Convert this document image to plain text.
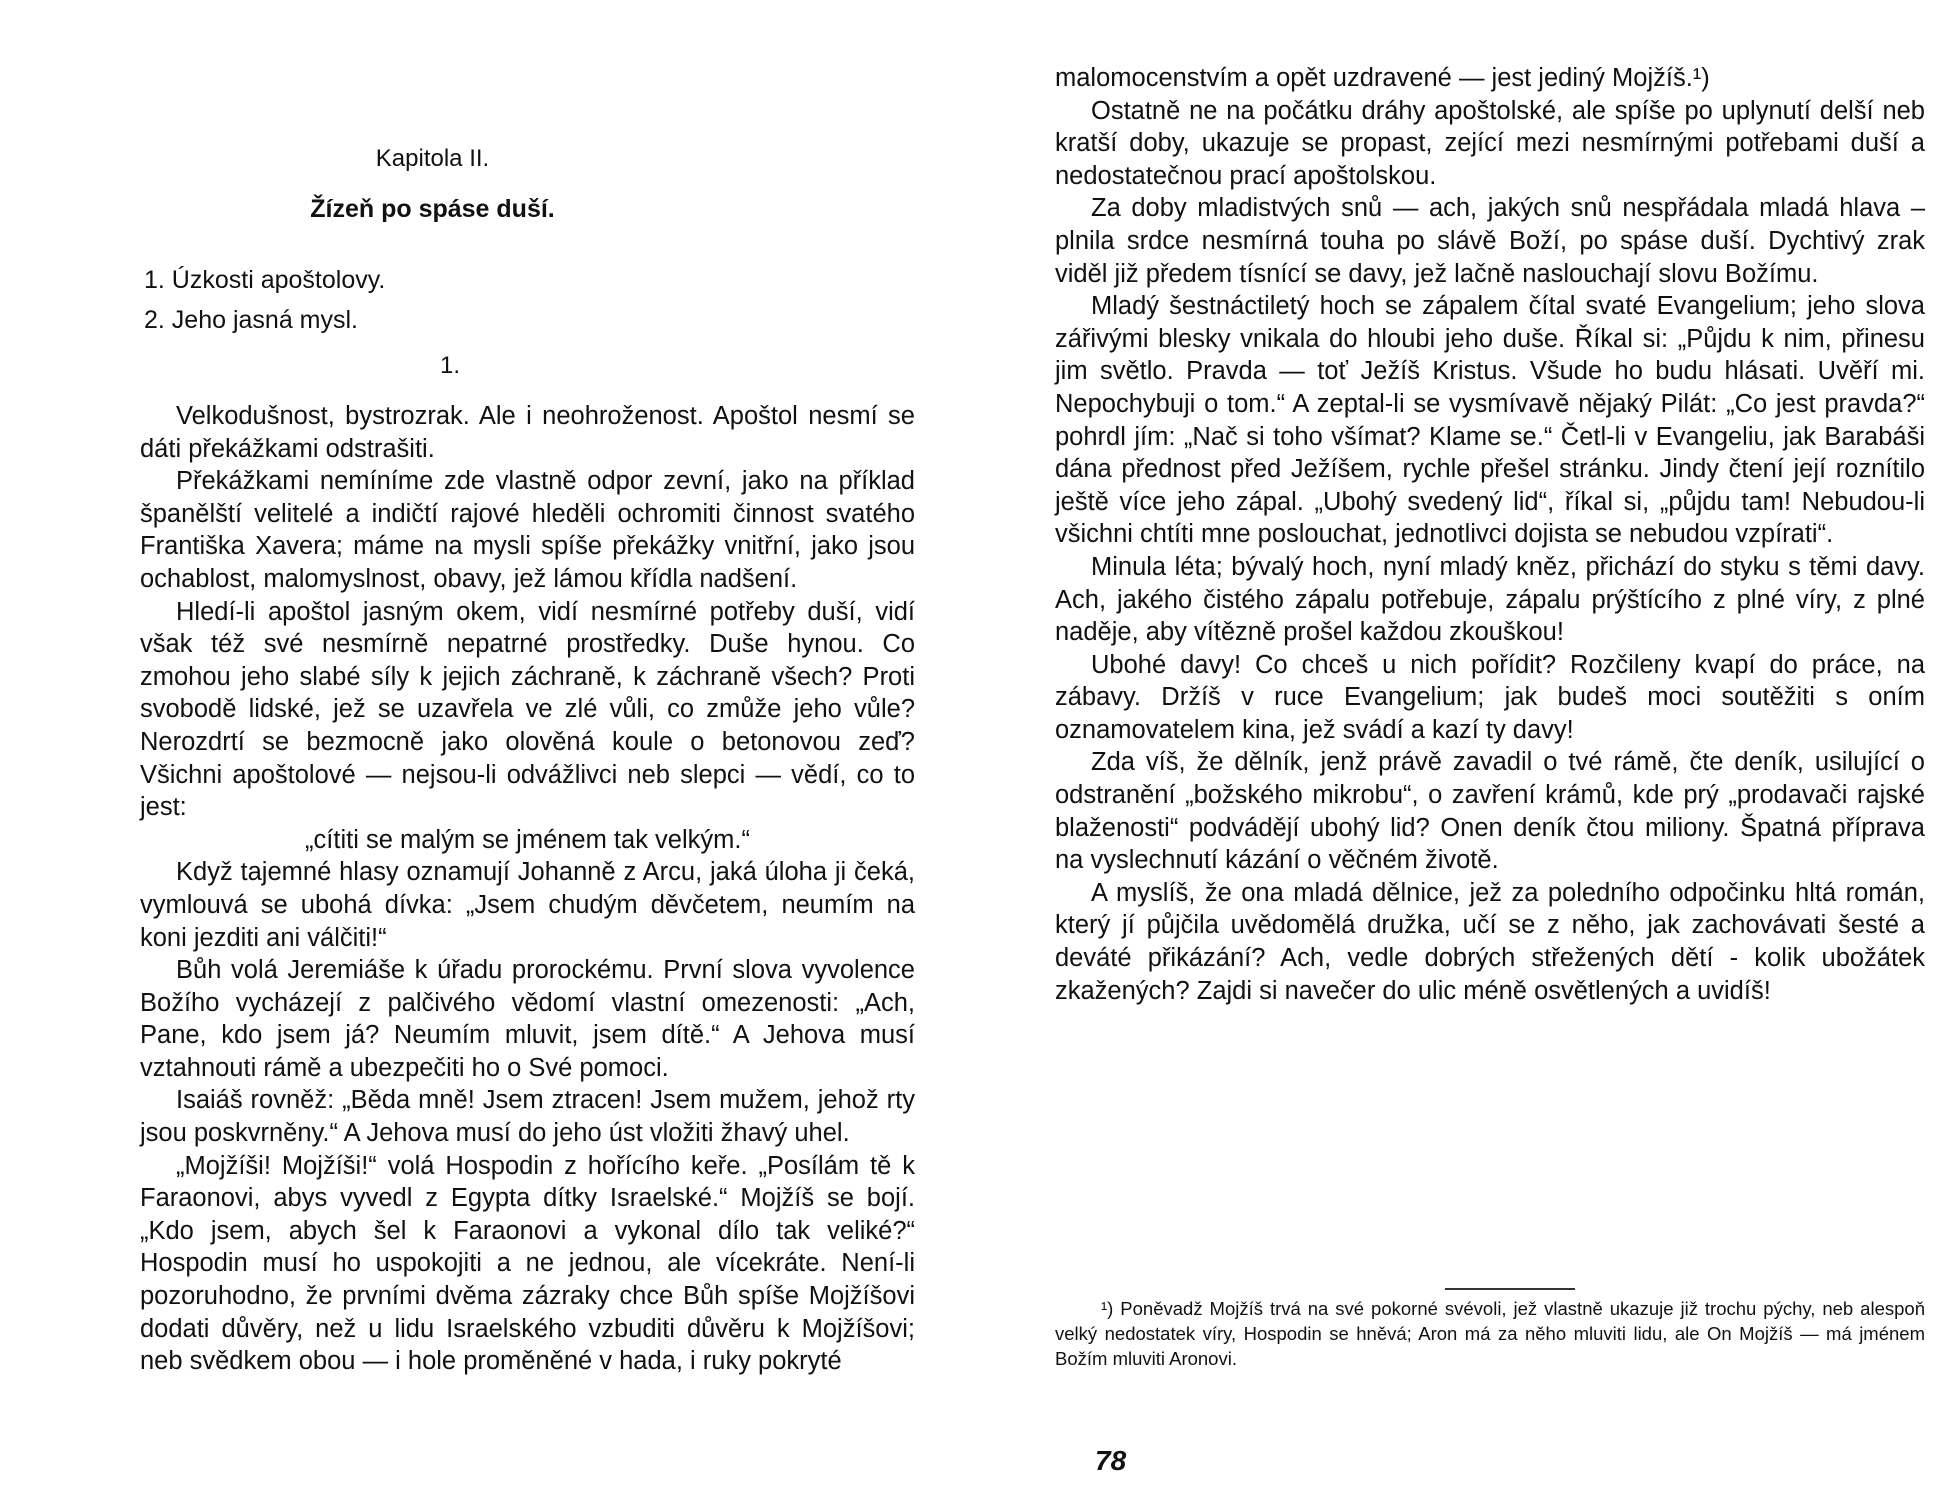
Kapitola II.
Žízeň po spáse duší.
1. Úzkosti apoštolovy.
2. Jeho jasná mysl.
1.

Velkodušnost, bystrozrak. Ale i neohroženost. Apoštol nesmí se dáti překážkami odstrašiti.

Překážkami nemíníme zde vlastně odpor zevní, jako na příklad španělští velitelé a indičtí rajové hleděli ochromiti činnost svatého Františka Xavera; máme na mysli spíše překážky vnitřní, jako jsou ochablost, malomyslnost, obavy, jež lámou křídla nadšení.

Hledí-li apoštol jasným okem, vidí nesmírné potřeby duší, vidí však též své nesmírně nepatrné prostředky. Duše hynou. Co zmohou jeho slabé síly k jejich záchraně, k záchraně všech? Proti svobodě lidské, jež se uzavřela ve zlé vůli, co zmůže jeho vůle? Nerozdrtí se bezmocně jako olověná koule o betonovou zeď? Všichni apoštolové — nejsou-li odvážlivci neb slepci — vědí, co to jest:

„cítiti se malým se jménem tak velkým.“

Když tajemné hlasy oznamují Johanně z Arcu, jaká úloha ji čeká, vymlouvá se ubohá dívka: „Jsem chudým děvčetem, neumím na koni jezditi ani válčiti!“

Bůh volá Jeremiáše k úřadu prorockému. První slova vyvolence Božího vycházejí z palčivého vědomí vlastní omezenosti: „Ach, Pane, kdo jsem já? Neumím mluvit, jsem dítě.“ A Jehova musí vztahnouti rámě a ubezpečiti ho o Své pomoci.

Isaiáš rovněž: „Běda mně! Jsem ztracen! Jsem mužem, jehož rty jsou poskvrněny.“ A Jehova musí do jeho úst vložiti žhavý uhel.

„Mojžíši! Mojžíši!“ volá Hospodin z hořícího keře. „Posílám tě k Faraonovi, abys vyvedl z Egypta dítky Israelské.“ Mojžíš se bojí. „Kdo jsem, abych šel k Faraonovi a vykonal dílo tak veliké?“ Hospodin musí ho uspokojiti a ne jednou, ale vícekráte. Není-li pozoruhodno, že prvními dvěma zázraky chce Bůh spíše Mojžíšovi dodati důvěry, než u lidu Israelského vzbuditi důvěru k Mojžíšovi; neb svědkem obou — i hole proměněné v hada, i ruky pokryté

malomocenstvím a opět uzdravené — jest jediný Mojžíš.¹)

Ostatně ne na počátku dráhy apoštolské, ale spíše po uplynutí delší neb kratší doby, ukazuje se propast, zející mezi nesmírnými potřebami duší a nedostatečnou prací apoštolskou.

Za doby mladistvých snů — ach, jakých snů nespřádala mladá hlava – plnila srdce nesmírná touha po slávě Boží, po spáse duší. Dychtivý zrak viděl již předem tísnící se davy, jež lačně naslouchají slovu Božímu.

Mladý šestnáctiletý hoch se zápalem čítal svaté Evangelium; jeho slova zářivými blesky vnikala do hloubi jeho duše. Říkal si: „Půjdu k nim, přinesu jim světlo. Pravda — toť Ježíš Kristus. Všude ho budu hlásati. Uvěří mi. Nepochybuji o tom.“ A zeptal-li se vysmívavě nějaký Pilát: „Co jest pravda?“ pohrdl jím: „Nač si toho všímat? Klame se.“ Četl-li v Evangeliu, jak Barabáši dána přednost před Ježíšem, rychle přešel stránku. Jindy čtení její roznítilo ještě více jeho zápal. „Ubohý svedený lid“, říkal si, „půjdu tam! Nebudou-li všichni chtíti mne poslouchat, jednotlivci dojista se nebudou vzpírati“.

Minula léta; bývalý hoch, nyní mladý kněz, přichází do styku s těmi davy. Ach, jakého čistého zápalu potřebuje, zápalu prýštícího z plné víry, z plné naděje, aby vítězně prošel každou zkouškou!

Ubohé davy! Co chceš u nich pořídit? Rozčileny kvapí do práce, na zábavy. Držíš v ruce Evangelium; jak budeš moci soutěžiti s oním oznamovatelem kina, jež svádí a kazí ty davy!

Zda víš, že dělník, jenž právě zavadil o tvé rámě, čte deník, usilující o odstranění „božského mikrobu“, o zavření krámů, kde prý „prodavači rajské blaženosti“ podvádějí ubohý lid? Onen deník čtou miliony. Špatná příprava na vyslechnutí kázání o věčném životě.

A myslíš, že ona mladá dělnice, jež za poledního odpočinku hltá román, který jí půjčila uvědomělá družka, učí se z něho, jak zachovávati šesté a deváté přikázání? Ach, vedle dobrých střežených dětí - kolik ubožátek zkažených? Zajdi si navečer do ulic méně osvětlených a uvidíš!

¹) Poněvadž Mojžíš trvá na své pokorné svévoli, jež vlastně ukazuje již trochu pýchy, neb alespoň velký nedostatek víry, Hospodin se hněvá; Aron má za něho mluviti lidu, ale On Mojžíš — má jménem Božím mluviti Aronovi.

78
